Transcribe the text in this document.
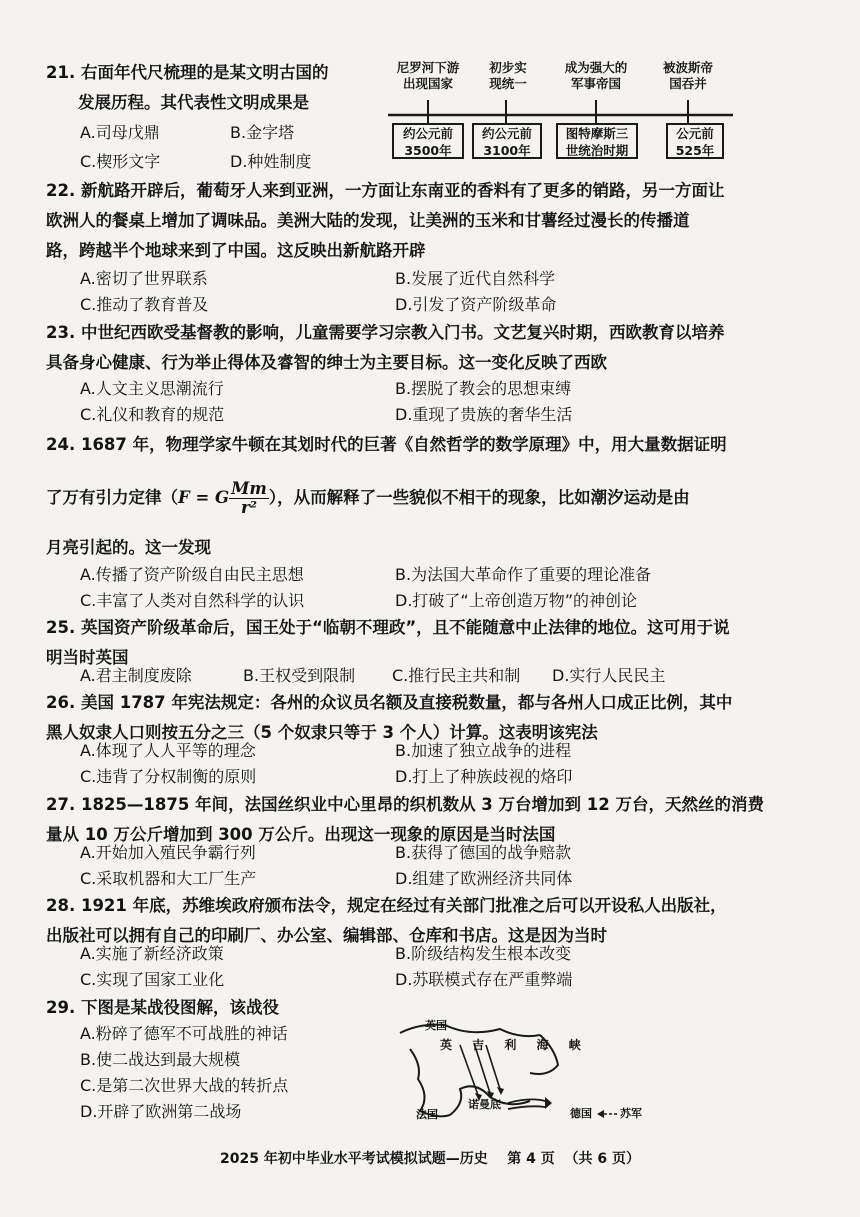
21. 右面年代尺梳理的是某文明古国的
发展历程。其代表性文明成果是
A.司母戊鼎	B.金字塔
C.楔形文字	D.种姓制度
尼罗河下游
出现国家
初步实
现统一
成为强大的
军事帝国
被波斯帝
国吞并
约公元前
3500年
约公元前
3100年
图特摩斯三
世统治时期
公元前
525年
22. 新航路开辟后，葡萄牙人来到亚洲，一方面让东南亚的香料有了更多的销路，另一方面让
欧洲人的餐桌上增加了调味品。美洲大陆的发现，让美洲的玉米和甘薯经过漫长的传播道
路，跨越半个地球来到了中国。这反映出新航路开辟
A.密切了世界联系	B.发展了近代自然科学
C.推动了教育普及	D.引发了资产阶级革命
23. 中世纪西欧受基督教的影响，儿童需要学习宗教入门书。文艺复兴时期，西欧教育以培养
具备身心健康、行为举止得体及睿智的绅士为主要目标。这一变化反映了西欧
A.人文主义思潮流行	B.摆脱了教会的思想束缚
C.礼仪和教育的规范	D.重现了贵族的奢华生活
24. 1687 年，物理学家牛顿在其划时代的巨著《自然哲学的数学原理》中，用大量数据证明
了万有引力定律（F = G $\frac{Mm}{\text{r²}}$ ），从而解释了一些貌似不相干的现象，比如潮汐运动是由
月亮引起的。这一发现
A.传播了资产阶级自由民主思想	B.为法国大革命作了重要的理论准备
C.丰富了人类对自然科学的认识	D.打破了“上帝创造万物”的神创论
25. 英国资产阶级革命后，国王处于“临朝不理政”，且不能随意中止法律的地位。这可用于说
明当时英国
A.君主制度废除	B.王权受到限制 C.推行民主共和制 D.实行人民民主
26. 美国 1787 年宪法规定：各州的众议员名额及直接税数量，都与各州人口成正比例，其中
黑人奴隶人口则按五分之三（5 个奴隶只等于 3 个人）计算。这表明该宪法
A.体现了人人平等的理念	B.加速了独立战争的进程
C.违背了分权制衡的原则	D.打上了种族歧视的烙印
27. 1825—1875 年间，法国丝织业中心里昂的织机数从 3 万台增加到 12 万台，天然丝的消费
量从 10 万公斤增加到 300 万公斤。出现这一现象的原因是当时法国
A.开始加入殖民争霸行列	B.获得了德国的战争赔款
C.采取机器和大工厂生产	D.组建了欧洲经济共同体
28. 1921 年底，苏维埃政府颁布法令，规定在经过有关部门批准之后可以开设私人出版社，
出版社可以拥有自己的印刷厂、办公室、编辑部、仓库和书店。这是因为当时
A.实施了新经济政策	B.阶级结构发生根本改变
C.实现了国家工业化	D.苏联模式存在严重弊端
29. 下图是某战役图解，该战役
A.粉碎了德军不可战胜的神话
B.使二战达到最大规模
C.是第二次世界大战的转折点
D.开辟了欧洲第二战场
英国
英 吉 利 海 峡
诺曼底
法国	德国	苏军
2025 年初中毕业水平考试模拟试题—历史    第 4 页  （共 6 页）
